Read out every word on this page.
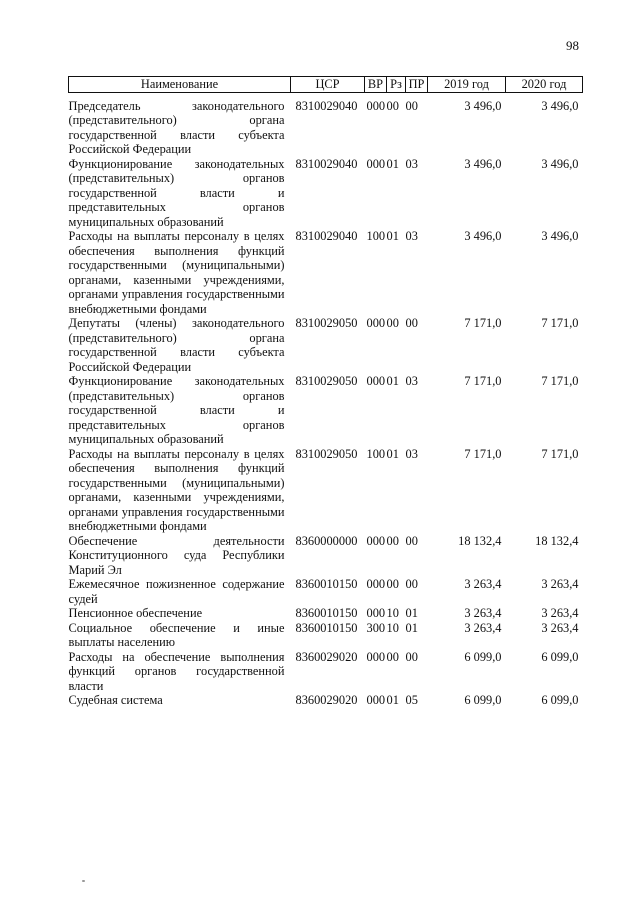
98
Наименование	ЦСР	ВР	Рз	ПР	2019 год	2020 год
Председатель законодательного (представительного) органа государственной власти субъекта Российской Федерации	8310029040	000	00	00	3 496,0	3 496,0
Функционирование законодательных (представительных) органов государственной власти и представительных органов муниципальных образований	8310029040	000	01	03	3 496,0	3 496,0
Расходы на выплаты персоналу в целях обеспечения выполнения функций государственными (муниципальными) органами, казенными учреждениями, органами управления государственными внебюджетными фондами	8310029040	100	01	03	3 496,0	3 496,0
Депутаты (члены) законодательного (представительного) органа государственной власти субъекта Российской Федерации	8310029050	000	00	00	7 171,0	7 171,0
Функционирование законодательных (представительных) органов государственной власти и представительных органов муниципальных образований	8310029050	000	01	03	7 171,0	7 171,0
Расходы на выплаты персоналу в целях обеспечения выполнения функций государственными (муниципальными) органами, казенными учреждениями, органами управления государственными внебюджетными фондами	8310029050	100	01	03	7 171,0	7 171,0
Обеспечение деятельности Конституционного суда Республики Марий Эл	8360000000	000	00	00	18 132,4	18 132,4
Ежемесячное пожизненное содержание судей	8360010150	000	00	00	3 263,4	3 263,4
Пенсионное обеспечение	8360010150	000	10	01	3 263,4	3 263,4
Социальное обеспечение и иные выплаты населению	8360010150	300	10	01	3 263,4	3 263,4
Расходы на обеспечение выполнения функций органов государственной власти	8360029020	000	00	00	6 099,0	6 099,0
Судебная система	8360029020	000	01	05	6 099,0	6 099,0
